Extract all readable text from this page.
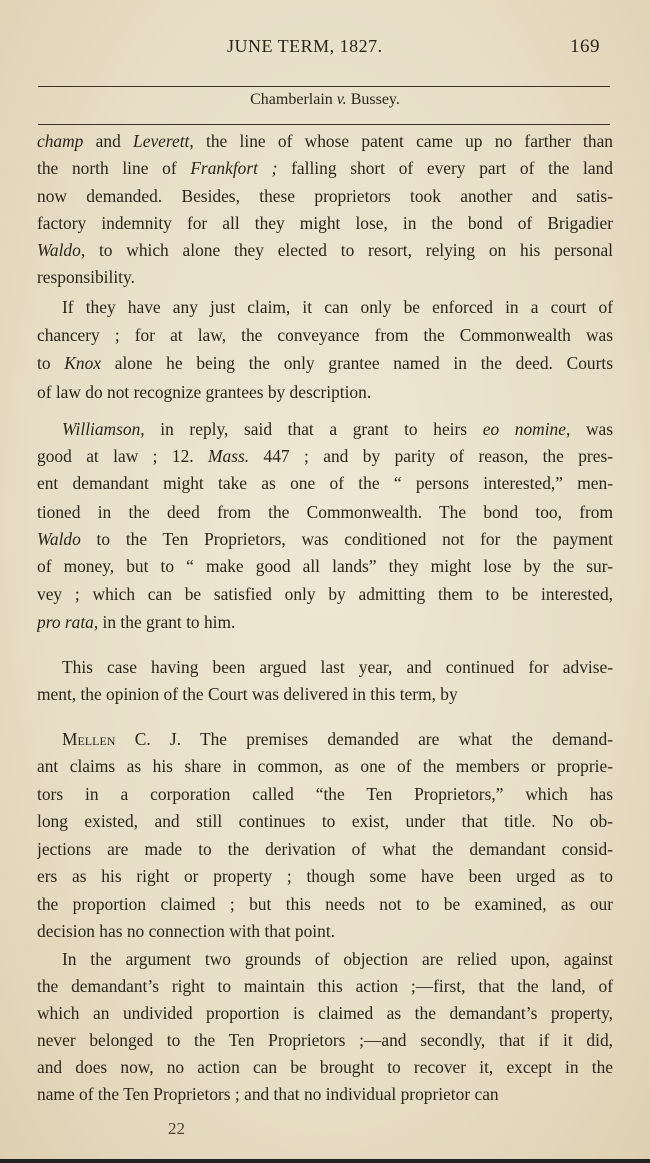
JUNE TERM, 1827.	169
Chamberlain v. Bussey.
champ and Leverett, the line of whose patent came up no farther than
the north line of Frankfort ; falling short of every part of the land
now demanded. Besides, these proprietors took another and satis-
factory indemnity for all they might lose, in the bond of Brigadier
Waldo, to which alone they elected to resort, relying on his personal
responsibility.
If they have any just claim, it can only be enforced in a court of
chancery ; for at law, the conveyance from the Commonwealth was
to Knox alone he being the only grantee named in the deed. Courts
of law do not recognize grantees by description.
Williamson, in reply, said that a grant to heirs eo nomine, was
good at law ; 12. Mass. 447 ; and by parity of reason, the pres-
ent demandant might take as one of the “ persons interested,” men-
tioned in the deed from the Commonwealth. The bond too, from
Waldo to the Ten Proprietors, was conditioned not for the payment
of money, but to “ make good all lands” they might lose by the sur-
vey ; which can be satisfied only by admitting them to be interested,
pro rata, in the grant to him.
This case having been argued last year, and continued for advise-
ment, the opinion of the Court was delivered in this term, by
Mellen C. J. The premises demanded are what the demand-
ant claims as his share in common, as one of the members or proprie-
tors in a corporation called “the Ten Proprietors,” which has
long existed, and still continues to exist, under that title. No ob-
jections are made to the derivation of what the demandant consid-
ers as his right or property ; though some have been urged as to
the proportion claimed ; but this needs not to be examined, as our
decision has no connection with that point.
In the argument two grounds of objection are relied upon, against
the demandant’s right to maintain this action ;—first, that the land, of
which an undivided proportion is claimed as the demandant’s property,
never belonged to the Ten Proprietors ;—and secondly, that if it did,
and does now, no action can be brought to recover it, except in the
name of the Ten Proprietors ; and that no individual proprietor can
22
